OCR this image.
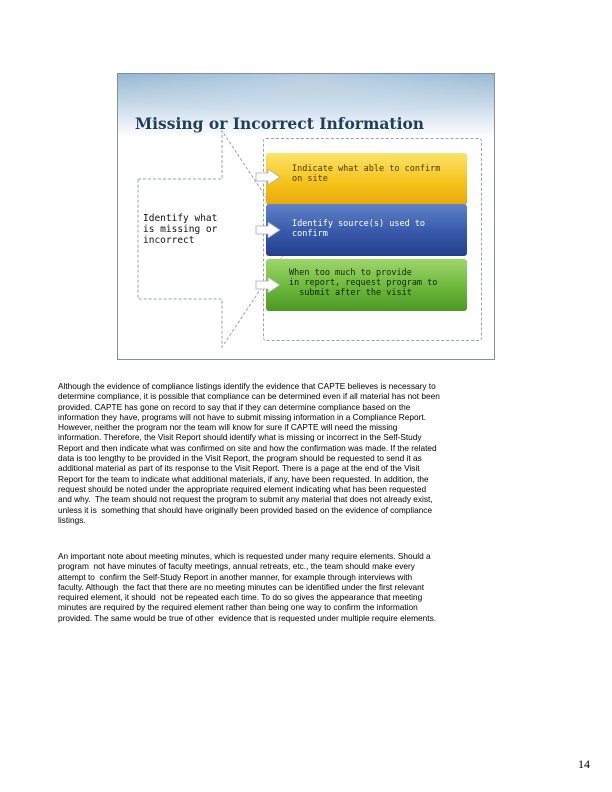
Missing or Incorrect Information
Identify what
is missing or
incorrect
Indicate what able to confirm
on site
Identify source(s) used to
confirm
When too much to provide
in report, request program to
submit after the visit

Although the evidence of compliance listings identify the evidence that CAPTE believes is necessary to
determine compliance, it is possible that compliance can be determined even if all material has not been
provided. CAPTE has gone on record to say that if they can determine compliance based on the
information they have, programs will not have to submit missing information in a Compliance Report.
However, neither the program nor the team will know for sure if CAPTE will need the missing
information. Therefore, the Visit Report should identify what is missing or incorrect in the Self-Study
Report and then indicate what was confirmed on site and how the confirmation was made. If the related
data is too lengthy to be provided in the Visit Report, the program should be requested to send it as
additional material as part of its response to the Visit Report. There is a page at the end of the Visit
Report for the team to indicate what additional materials, if any, have been requested. In addition, the
request should be noted under the appropriate required element indicating what has been requested
and why.  The team should not request the program to submit any material that does not already exist,
unless it is  something that should have originally been provided based on the evidence of compliance
listings.

An important note about meeting minutes, which is requested under many require elements. Should a
program  not have minutes of faculty meetings, annual retreats, etc., the team should make every
attempt to  confirm the Self-Study Report in another manner, for example through interviews with
faculty. Although  the fact that there are no meeting minutes can be identified under the first relevant
required element, it should  not be repeated each time. To do so gives the appearance that meeting
minutes are required by the required element rather than being one way to confirm the information
provided. The same would be true of other  evidence that is requested under multiple require elements.

14
